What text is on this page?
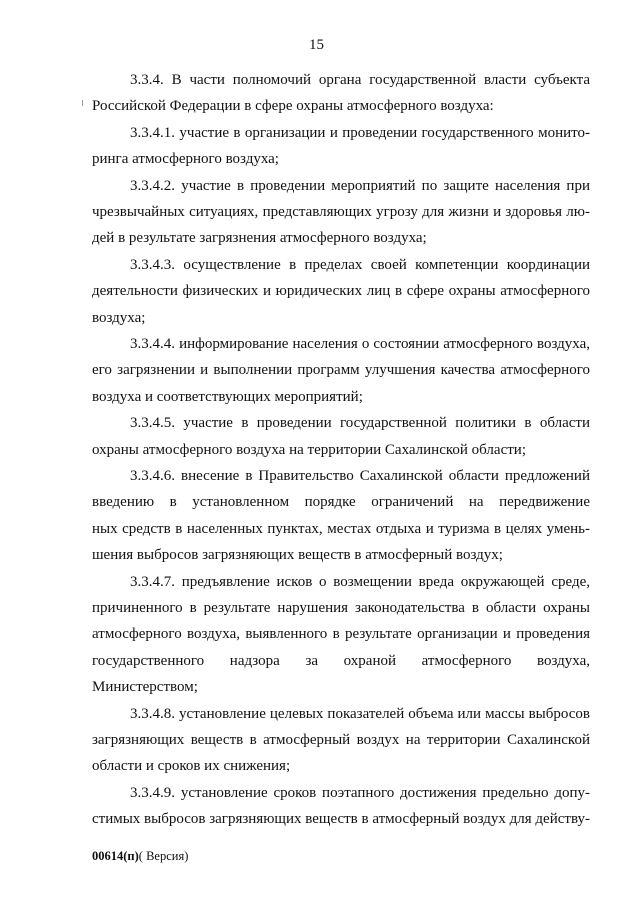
15
3.3.4. В части полномочий органа государственной власти субъекта
Российской Федерации в сфере охраны атмосферного воздуха:
3.3.4.1. участие в организации и проведении государственного монито-
ринга атмосферного воздуха;
3.3.4.2. участие в проведении мероприятий по защите населения при
чрезвычайных ситуациях, представляющих угрозу для жизни и здоровья лю-
дей в результате загрязнения атмосферного воздуха;
3.3.4.3. осуществление в пределах своей компетенции координации
деятельности физических и юридических лиц в сфере охраны атмосферного
воздуха;
3.3.4.4. информирование населения о состоянии атмосферного воздуха,
его загрязнении и выполнении программ улучшения качества атмосферного
воздуха и соответствующих мероприятий;
3.3.4.5. участие в проведении государственной политики в области
охраны атмосферного воздуха на территории Сахалинской области;
3.3.4.6. внесение в Правительство Сахалинской области предложений
введению в установленном порядке ограничений на передвижение
ных средств в населенных пунктах, местах отдыха и туризма в целях умень-
шения выбросов загрязняющих веществ в атмосферный воздух;
3.3.4.7. предъявление исков о возмещении вреда окружающей среде,
причиненного в результате нарушения законодательства в области охраны
атмосферного воздуха, выявленного в результате организации и проведения
государственного надзора за охраной атмосферного воздуха,
Министерством;
3.3.4.8. установление целевых показателей объема или массы выбросов
загрязняющих веществ в атмосферный воздух на территории Сахалинской
области и сроков их снижения;
3.3.4.9. установление сроков поэтапного достижения предельно допу-
стимых выбросов загрязняющих веществ в атмосферный воздух для действу-
00614(п)( Версия)
